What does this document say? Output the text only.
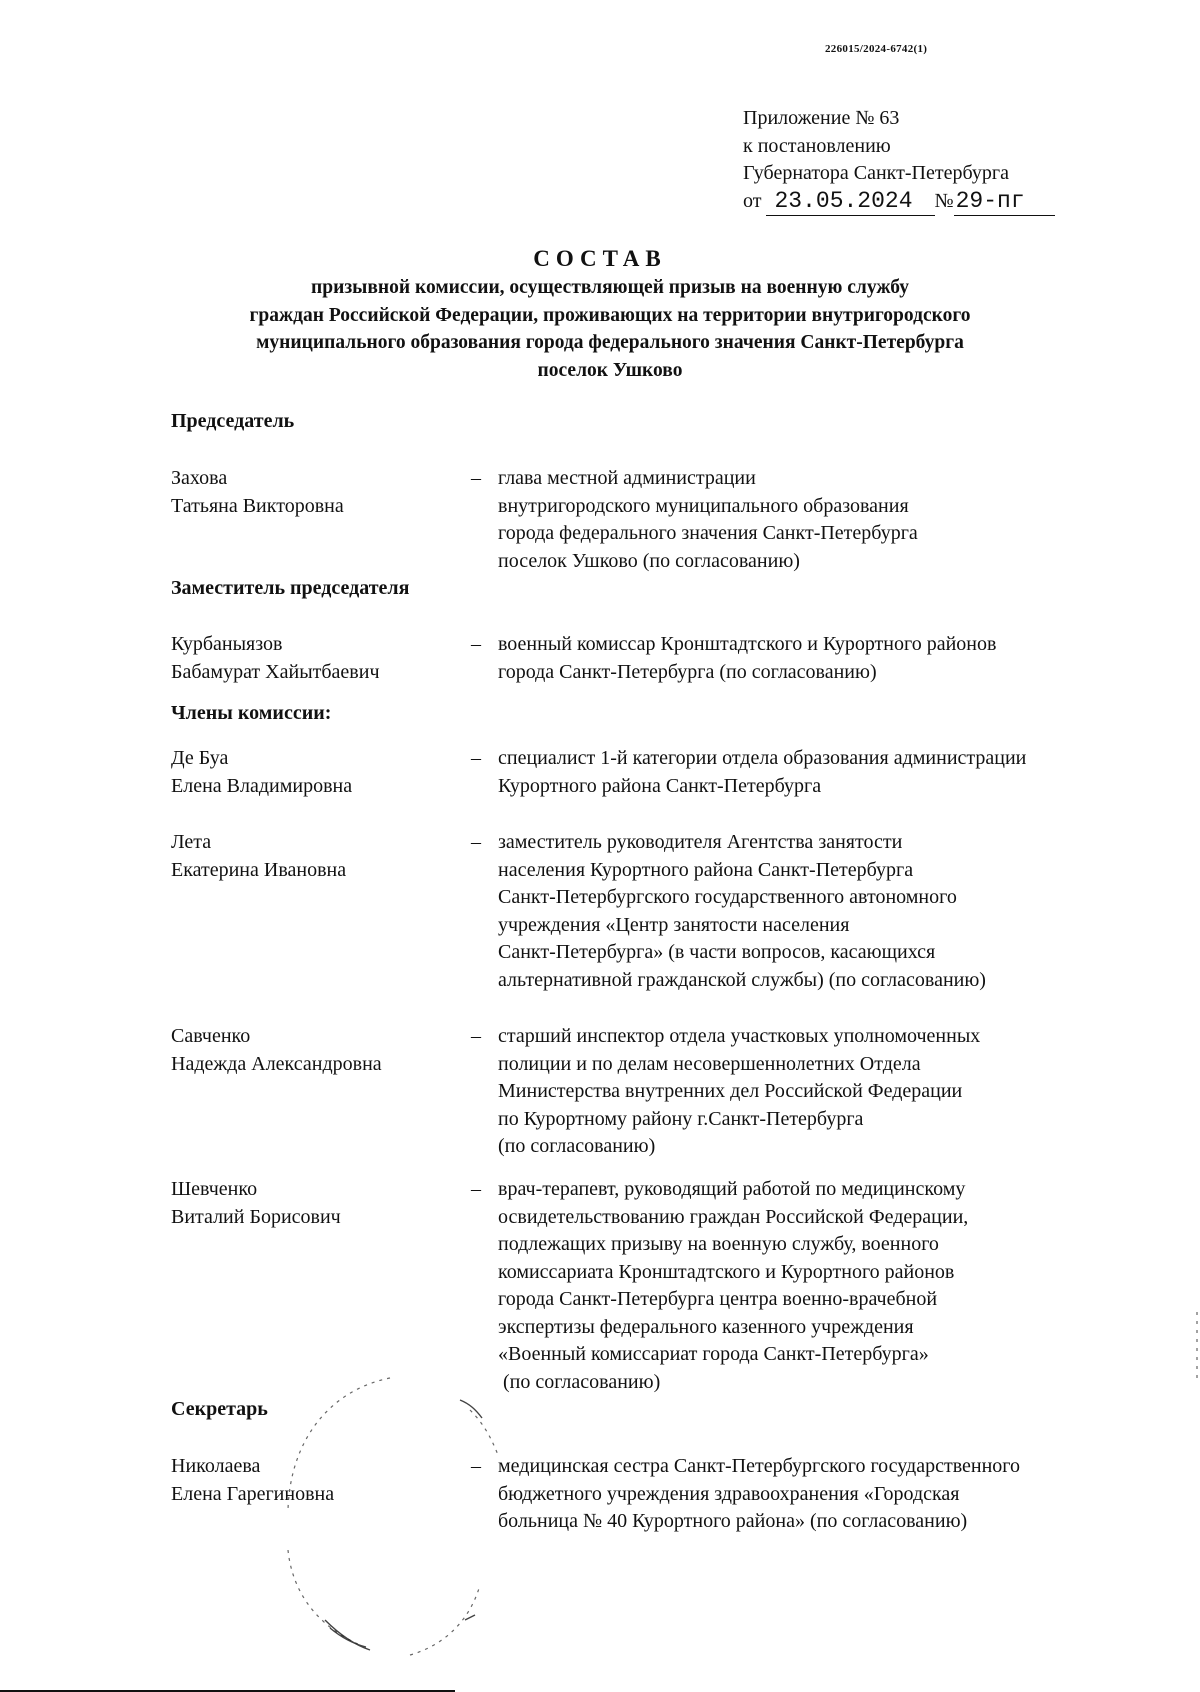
226015/2024-6742(1)
Приложение № 63
к постановлению
Губернатора Санкт-Петербурга
от 23.05.2024 №29-пг
СОСТАВ
призывной комиссии, осуществляющей призыв на военную службу
граждан Российской Федерации, проживающих на территории внутригородского
муниципального образования города федерального значения Санкт-Петербурга
поселок Ушково
Председатель
Захова
Татьяна Викторовна
– глава местной администрации
внутригородского муниципального образования
города федерального значения Санкт-Петербурга
поселок Ушково (по согласованию)
Заместитель председателя
Курбаныязов
Бабамурат Хайытбаевич
– военный комиссар Кронштадтского и Курортного районов
города Санкт-Петербурга (по согласованию)
Члены комиссии:
Де Буа
Елена Владимировна
– специалист 1-й категории отдела образования администрации
Курортного района Санкт-Петербурга
Лета
Екатерина Ивановна
– заместитель руководителя Агентства занятости
населения Курортного района Санкт-Петербурга
Санкт-Петербургского государственного автономного
учреждения «Центр занятости населения
Санкт-Петербурга» (в части вопросов, касающихся
альтернативной гражданской службы) (по согласованию)
Савченко
Надежда Александровна
– старший инспектор отдела участковых уполномоченных
полиции и по делам несовершеннолетних Отдела
Министерства внутренних дел Российской Федерации
по Курортному району г.Санкт-Петербурга
(по согласованию)
Шевченко
Виталий Борисович
– врач-терапевт, руководящий работой по медицинскому
освидетельствованию граждан Российской Федерации,
подлежащих призыву на военную службу, военного
комиссариата Кронштадтского и Курортного районов
города Санкт-Петербурга центра военно-врачебной
экспертизы федерального казенного учреждения
«Военный комиссариат города Санкт-Петербурга»
(по согласованию)
Секретарь
Николаева
Елена Гарегиновна
– медицинская сестра Санкт-Петербургского государственного
бюджетного учреждения здравоохранения «Городская
больница № 40 Курортного района» (по согласованию)
